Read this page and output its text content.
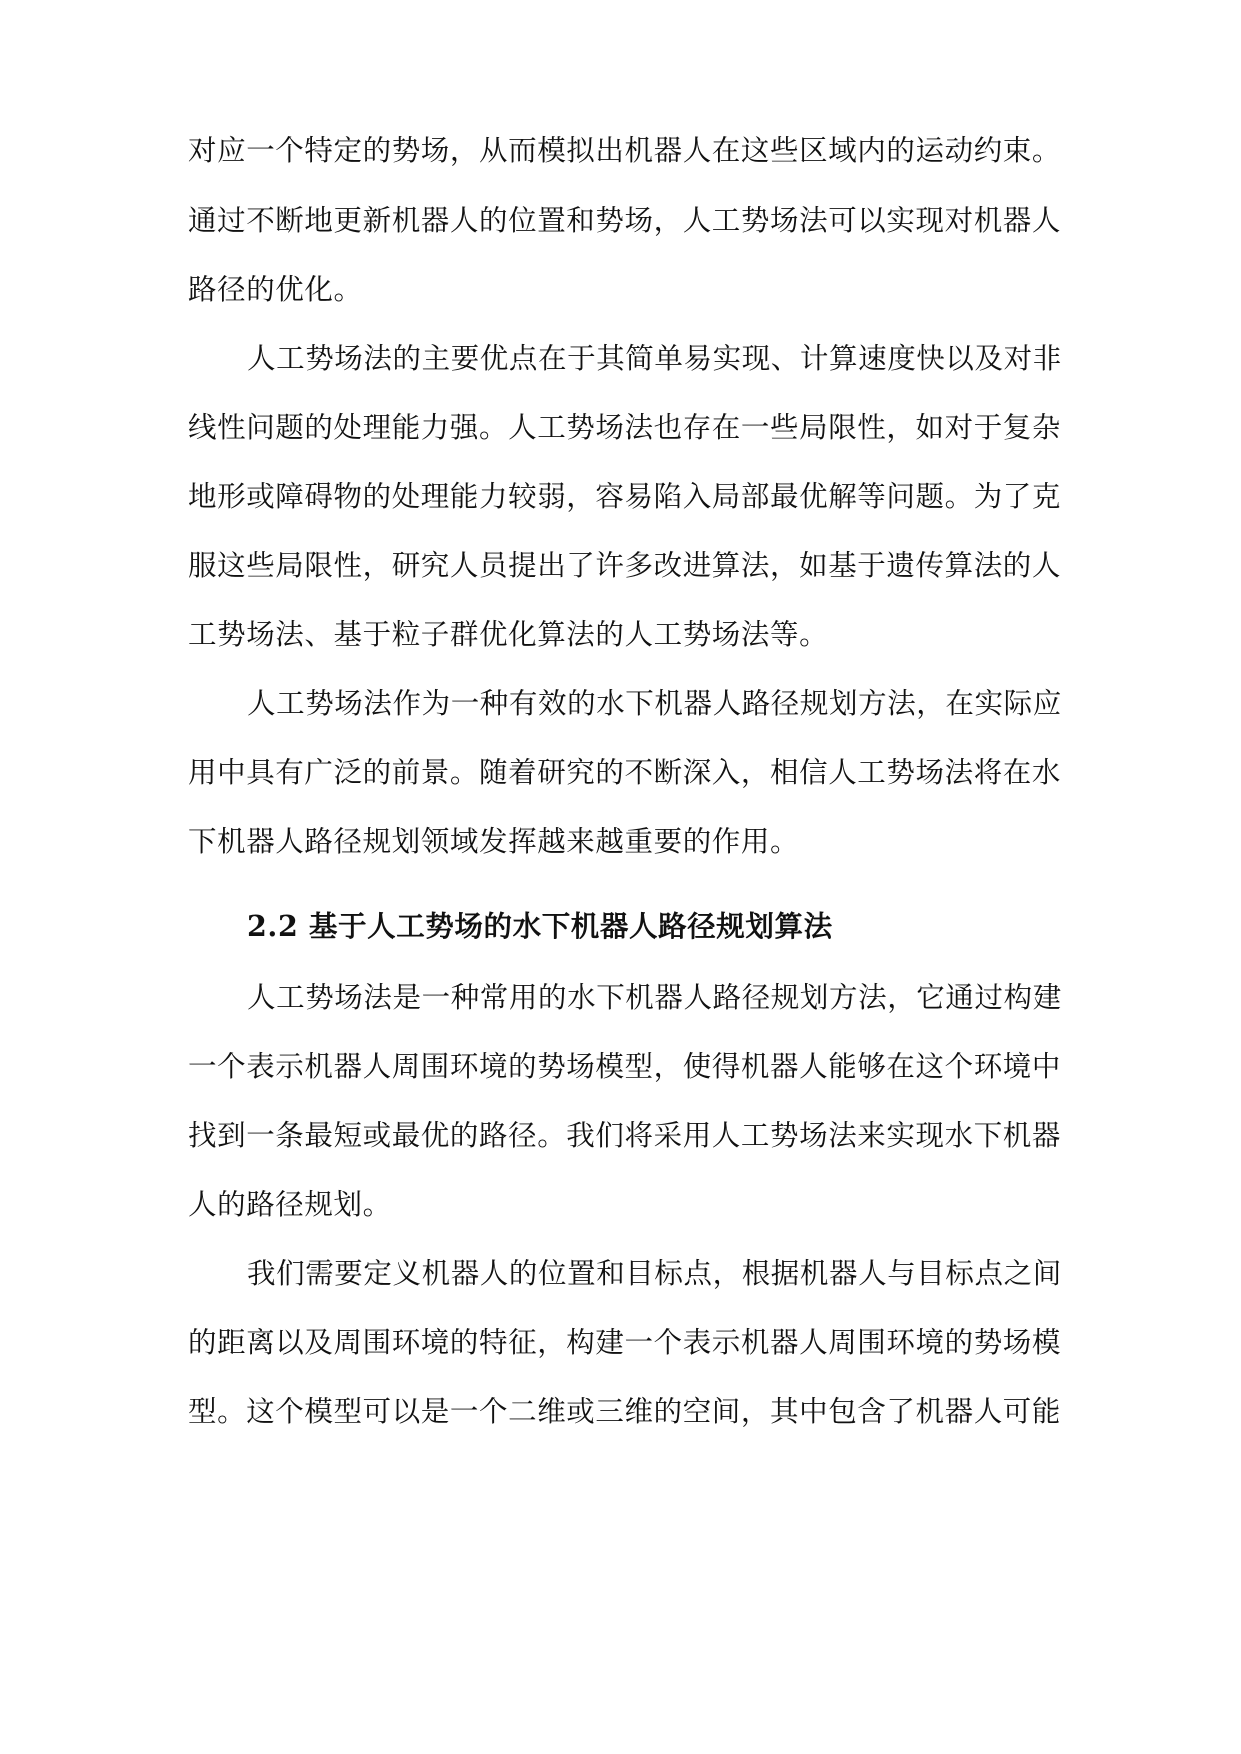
对应一个特定的势场，从而模拟出机器人在这些区域内的运动约束。

通过不断地更新机器人的位置和势场，人工势场法可以实现对机器人

路径的优化。

人工势场法的主要优点在于其简单易实现、计算速度快以及对非

线性问题的处理能力强。人工势场法也存在一些局限性，如对于复杂

地形或障碍物的处理能力较弱，容易陷入局部最优解等问题。为了克

服这些局限性，研究人员提出了许多改进算法，如基于遗传算法的人

工势场法、基于粒子群优化算法的人工势场法等。

人工势场法作为一种有效的水下机器人路径规划方法，在实际应

用中具有广泛的前景。随着研究的不断深入，相信人工势场法将在水

下机器人路径规划领域发挥越来越重要的作用。

2.2 基于人工势场的水下机器人路径规划算法

人工势场法是一种常用的水下机器人路径规划方法，它通过构建

一个表示机器人周围环境的势场模型，使得机器人能够在这个环境中

找到一条最短或最优的路径。我们将采用人工势场法来实现水下机器

人的路径规划。

我们需要定义机器人的位置和目标点，根据机器人与目标点之间

的距离以及周围环境的特征，构建一个表示机器人周围环境的势场模

型。这个模型可以是一个二维或三维的空间，其中包含了机器人可能
